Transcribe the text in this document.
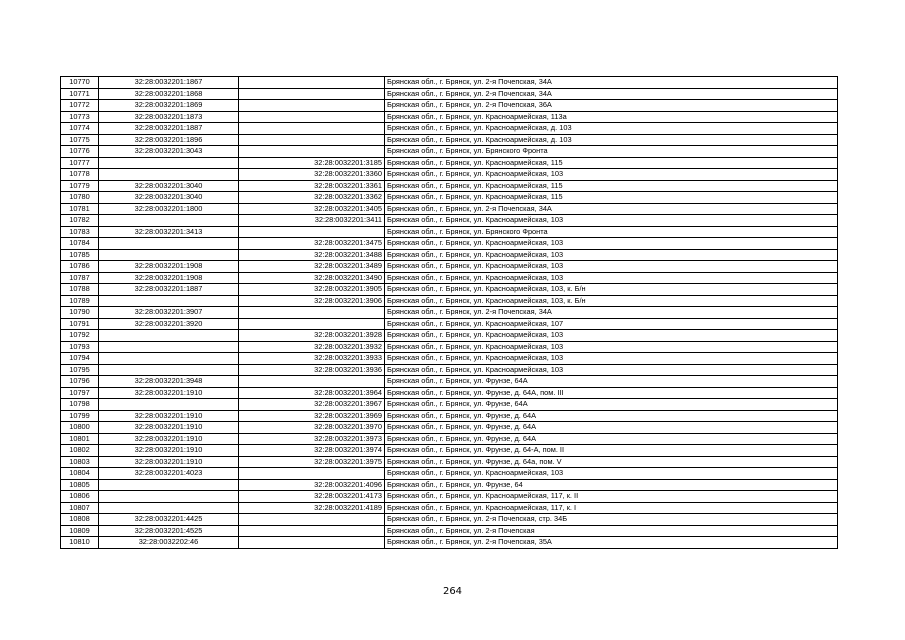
10770	32:28:0032201:1867		Брянская обл., г. Брянск, ул. 2-я Почепская, 34А
10771	32:28:0032201:1868		Брянская обл., г. Брянск, ул. 2-я Почепская, 34А
10772	32:28:0032201:1869		Брянская обл., г. Брянск, ул. 2-я Почепская, 36А
10773	32:28:0032201:1873		Брянская обл., г. Брянск, ул. Красноармейская, 113а
10774	32:28:0032201:1887		Брянская обл., г. Брянск, ул. Красноармейская, д. 103
10775	32:28:0032201:1896		Брянская обл., г. Брянск, ул. Красноармейская, д. 103
10776	32:28:0032201:3043		Брянская обл., г. Брянск, ул. Брянского Фронта
10777		32:28:0032201:3185	Брянская обл., г. Брянск, ул. Красноармейская, 115
10778		32:28:0032201:3360	Брянская обл., г. Брянск, ул. Красноармейская, 103
10779	32:28:0032201:3040	32:28:0032201:3361	Брянская обл., г. Брянск, ул. Красноармейская, 115
10780	32:28:0032201:3040	32:28:0032201:3362	Брянская обл., г. Брянск, ул. Красноармейская, 115
10781	32:28:0032201:1800	32:28:0032201:3405	Брянская обл., г. Брянск, ул. 2-я Почепская, 34А
10782		32:28:0032201:3411	Брянская обл., г. Брянск, ул. Красноармейская, 103
10783	32:28:0032201:3413		Брянская обл., г. Брянск, ул. Брянского Фронта
10784		32:28:0032201:3475	Брянская обл., г. Брянск, ул. Красноармейская, 103
10785		32:28:0032201:3488	Брянская обл., г. Брянск, ул. Красноармейская, 103
10786	32:28:0032201:1908	32:28:0032201:3489	Брянская обл., г. Брянск, ул. Красноармейская, 103
10787	32:28:0032201:1908	32:28:0032201:3490	Брянская обл., г. Брянск, ул. Красноармейская, 103
10788	32:28:0032201:1887	32:28:0032201:3905	Брянская обл., г. Брянск, ул. Красноармейская, 103, к. Б/н
10789		32:28:0032201:3906	Брянская обл., г. Брянск, ул. Красноармейская, 103, к. Б/н
10790	32:28:0032201:3907		Брянская обл., г. Брянск, ул. 2-я Почепская, 34А
10791	32:28:0032201:3920		Брянская обл., г. Брянск, ул. Красноармейская, 107
10792		32:28:0032201:3928	Брянская обл., г. Брянск, ул. Красноармейская, 103
10793		32:28:0032201:3932	Брянская обл., г. Брянск, ул. Красноармейская, 103
10794		32:28:0032201:3933	Брянская обл., г. Брянск, ул. Красноармейская, 103
10795		32:28:0032201:3936	Брянская обл., г. Брянск, ул. Красноармейская, 103
10796	32:28:0032201:3948		Брянская обл., г. Брянск, ул. Фрунзе, 64А
10797	32:28:0032201:1910	32:28:0032201:3964	Брянская обл., г. Брянск, ул. Фрунзе, д. 64А, пом. III
10798		32:28:0032201:3967	Брянская обл., г. Брянск, ул. Фрунзе, 64А
10799	32:28:0032201:1910	32:28:0032201:3969	Брянская обл., г. Брянск, ул. Фрунзе, д. 64А
10800	32:28:0032201:1910	32:28:0032201:3970	Брянская обл., г. Брянск, ул. Фрунзе, д. 64А
10801	32:28:0032201:1910	32:28:0032201:3973	Брянская обл., г. Брянск, ул. Фрунзе, д. 64А
10802	32:28:0032201:1910	32:28:0032201:3974	Брянская обл., г. Брянск, ул. Фрунзе, д. 64-А, пом. II
10803	32:28:0032201:1910	32:28:0032201:3975	Брянская обл., г. Брянск, ул. Фрунзе, д. 64а, пом. V
10804	32:28:0032201:4023		Брянская обл., г. Брянск, ул. Красноармейская, 103
10805		32:28:0032201:4096	Брянская обл., г. Брянск, ул. Фрунзе, 64
10806		32:28:0032201:4173	Брянская обл., г. Брянск, ул. Красноармейская, 117, к. II
10807		32:28:0032201:4189	Брянская обл., г. Брянск, ул. Красноармейская, 117, к. I
10808	32:28:0032201:4425		Брянская обл., г. Брянск, ул. 2-я Почепская, стр. 34Б
10809	32:28:0032201:4525		Брянская обл., г. Брянск, ул. 2-я Почепская
10810	32:28:0032202:46		Брянская обл., г. Брянск, ул. 2-я Почепская, 35А
264
